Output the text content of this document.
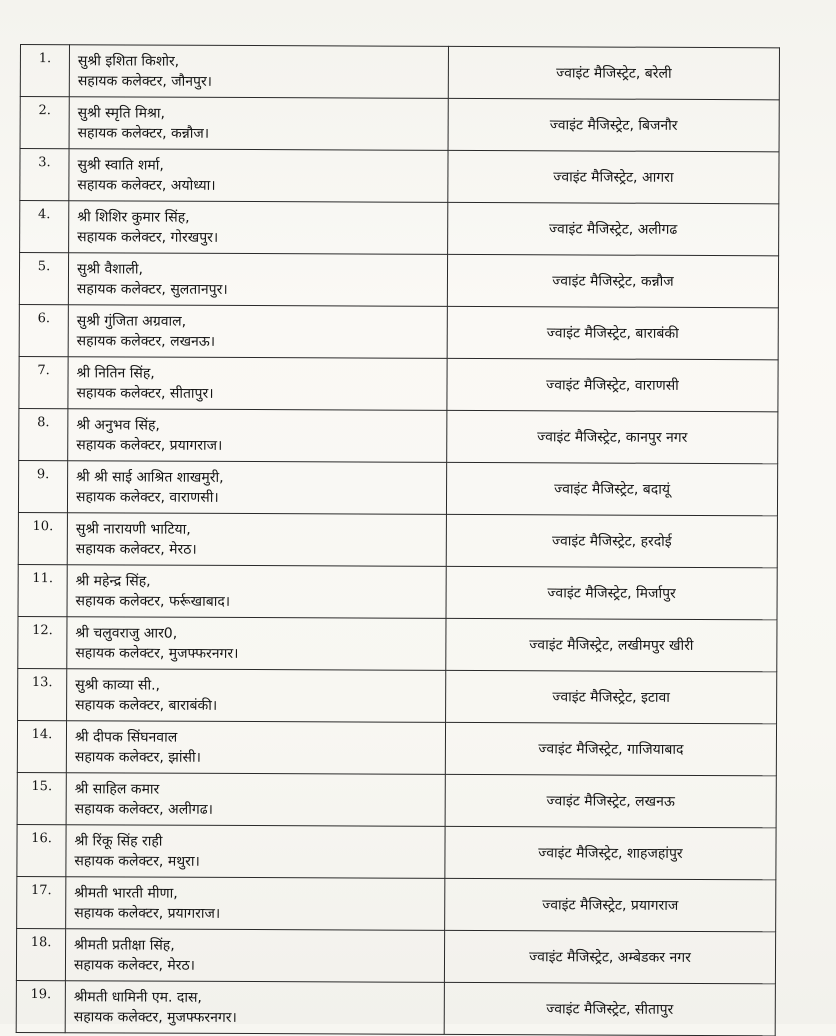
1.	सुश्री इशिता किशोर,
सहायक कलेक्टर, जौनपुर।	ज्वाइंट मैजिस्ट्रेट, बरेली
2.	सुश्री स्मृति मिश्रा,
सहायक कलेक्टर, कन्नौज।	ज्वाइंट मैजिस्ट्रेट, बिजनौर
3.	सुश्री स्वाति शर्मा,
सहायक कलेक्टर, अयोध्या।	ज्वाइंट मैजिस्ट्रेट, आगरा
4.	श्री शिशिर कुमार सिंह,
सहायक कलेक्टर, गोरखपुर।	ज्वाइंट मैजिस्ट्रेट, अलीगढ
5.	सुश्री वैशाली,
सहायक कलेक्टर, सुलतानपुर।	ज्वाइंट मैजिस्ट्रेट, कन्नौज
6.	सुश्री गुंजिता अग्रवाल,
सहायक कलेक्टर, लखनऊ।	ज्वाइंट मैजिस्ट्रेट, बाराबंकी
7.	श्री नितिन सिंह,
सहायक कलेक्टर, सीतापुर।	ज्वाइंट मैजिस्ट्रेट, वाराणसी
8.	श्री अनुभव सिंह,
सहायक कलेक्टर, प्रयागराज।	ज्वाइंट मैजिस्ट्रेट, कानपुर नगर
9.	श्री श्री साई आश्रित शाखमुरी,
सहायक कलेक्टर, वाराणसी।	ज्वाइंट मैजिस्ट्रेट, बदायूं
10.	सुश्री नारायणी भाटिया,
सहायक कलेक्टर, मेरठ।	ज्वाइंट मैजिस्ट्रेट, हरदोई
11.	श्री महेन्द्र सिंह,
सहायक कलेक्टर, फर्रूखाबाद।	ज्वाइंट मैजिस्ट्रेट, मिर्जापुर
12.	श्री चलुवराजु आर0,
सहायक कलेक्टर, मुजफ्फरनगर।	ज्वाइंट मैजिस्ट्रेट, लखीमपुर खीरी
13.	सुश्री काव्या सी.,
सहायक कलेक्टर, बाराबंकी।	ज्वाइंट मैजिस्ट्रेट, इटावा
14.	श्री दीपक सिंघनवाल
सहायक कलेक्टर, झांसी।	ज्वाइंट मैजिस्ट्रेट, गाजियाबाद
15.	श्री साहिल कमार
सहायक कलेक्टर, अलीगढ।	ज्वाइंट मैजिस्ट्रेट, लखनऊ
16.	श्री रिंकू सिंह राही
सहायक कलेक्टर, मथुरा।	ज्वाइंट मैजिस्ट्रेट, शाहजहांपुर
17.	श्रीमती भारती मीणा,
सहायक कलेक्टर, प्रयागराज।	ज्वाइंट मैजिस्ट्रेट, प्रयागराज
18.	श्रीमती प्रतीक्षा सिंह,
सहायक कलेक्टर, मेरठ।	ज्वाइंट मैजिस्ट्रेट, अम्बेडकर नगर
19.	श्रीमती धामिनी एम. दास,
सहायक कलेक्टर, मुजफ्फरनगर।	ज्वाइंट मैजिस्ट्रेट, सीतापुर
